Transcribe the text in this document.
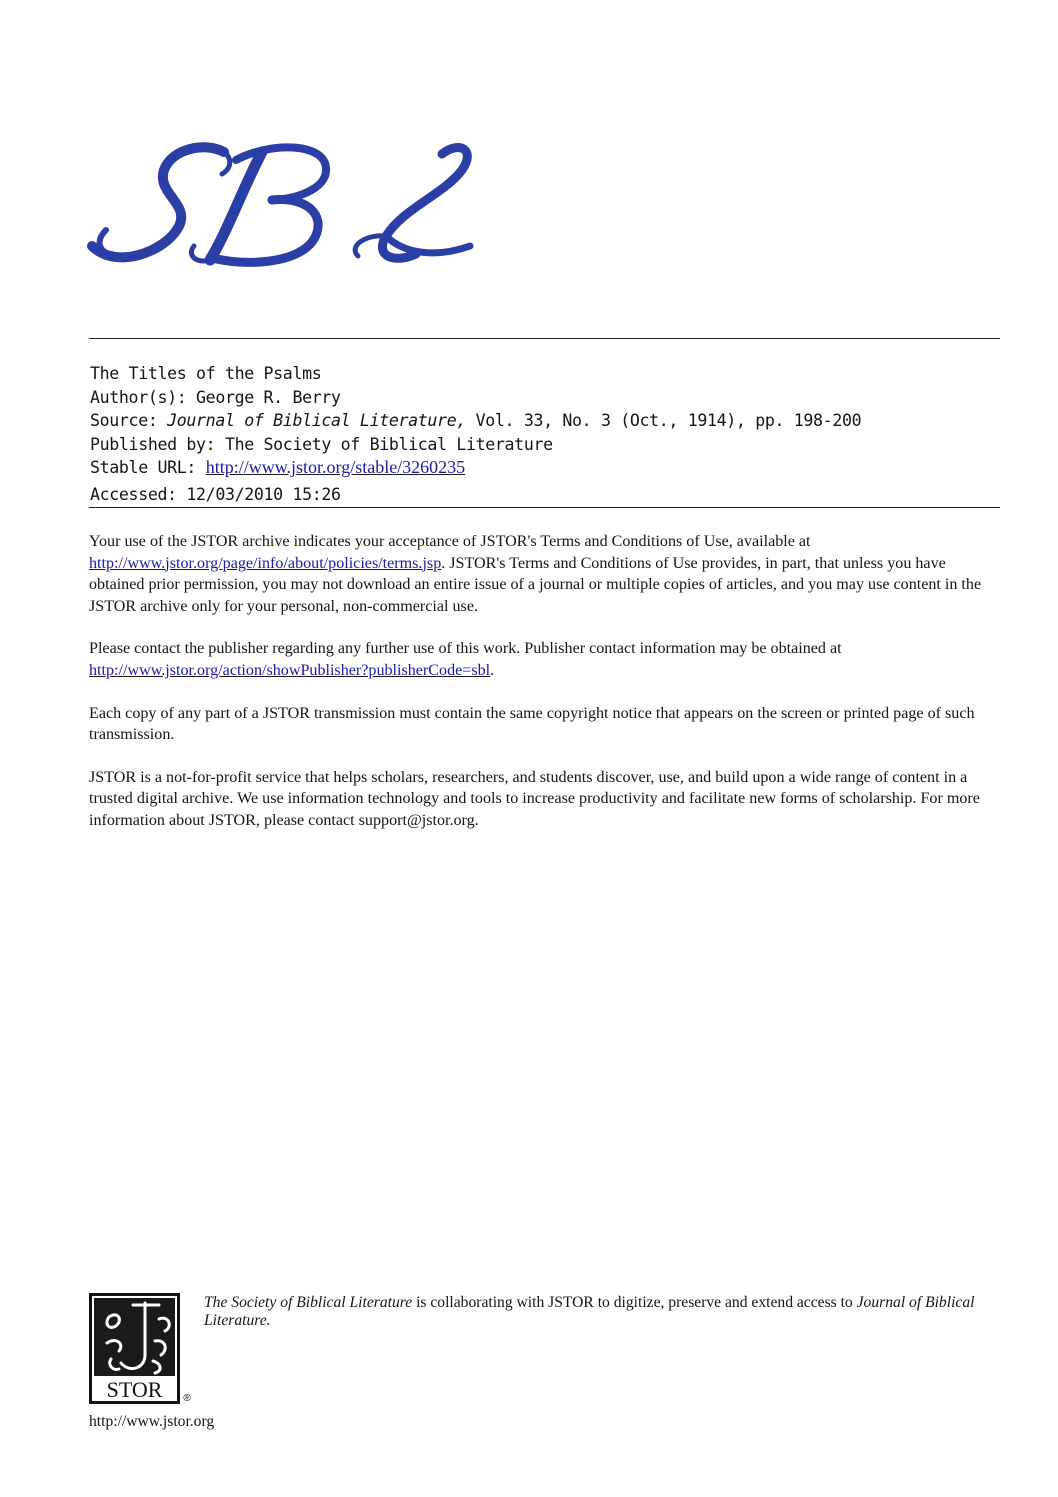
The Titles of the Psalms
Author(s): George R. Berry
Source: Journal of Biblical Literature, Vol. 33, No. 3 (Oct., 1914), pp. 198-200
Published by: The Society of Biblical Literature
Stable URL: http://www.jstor.org/stable/3260235
Accessed: 12/03/2010 15:26

Your use of the JSTOR archive indicates your acceptance of JSTOR's Terms and Conditions of Use, available at http://www.jstor.org/page/info/about/policies/terms.jsp. JSTOR's Terms and Conditions of Use provides, in part, that unless you have obtained prior permission, you may not download an entire issue of a journal or multiple copies of articles, and you may use content in the JSTOR archive only for your personal, non-commercial use.

Please contact the publisher regarding any further use of this work. Publisher contact information may be obtained at http://www.jstor.org/action/showPublisher?publisherCode=sbl.

Each copy of any part of a JSTOR transmission must contain the same copyright notice that appears on the screen or printed page of such transmission.

JSTOR is a not-for-profit service that helps scholars, researchers, and students discover, use, and build upon a wide range of content in a trusted digital archive. We use information technology and tools to increase productivity and facilitate new forms of scholarship. For more information about JSTOR, please contact support@jstor.org.

STOR ®
The Society of Biblical Literature is collaborating with JSTOR to digitize, preserve and extend access to Journal of Biblical Literature.
http://www.jstor.org
